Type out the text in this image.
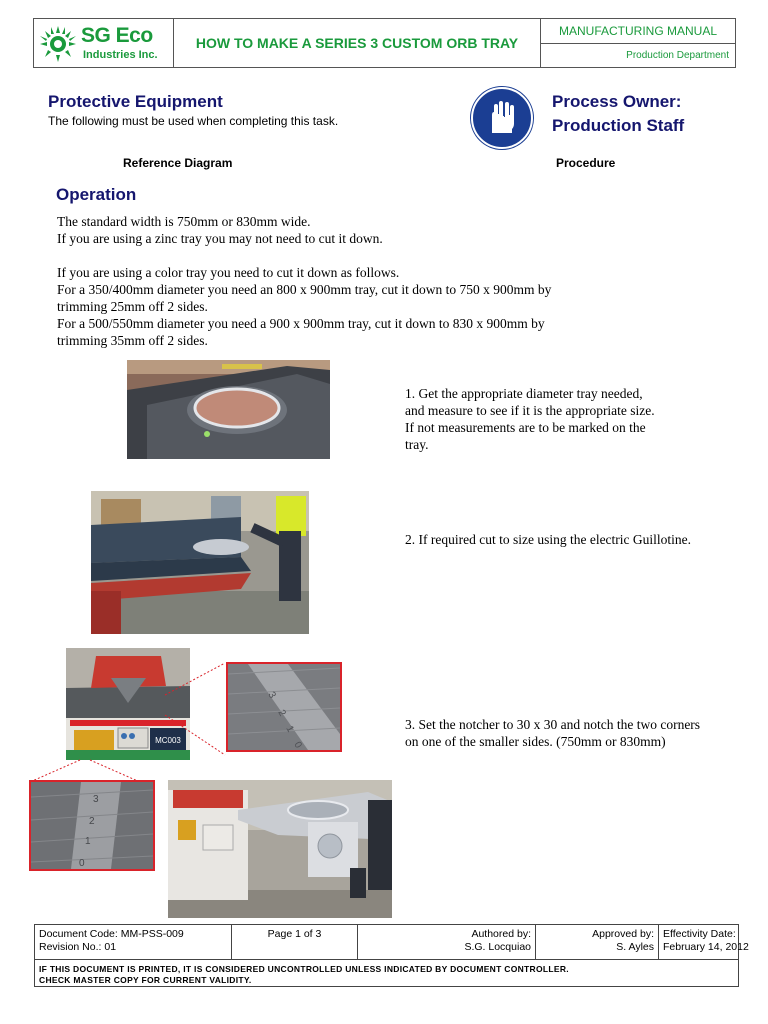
SG Eco
Industries Inc.
HOW TO MAKE A SERIES 3 CUSTOM ORB TRAY
MANUFACTURING MANUAL
Production Department
Protective Equipment
The following must be used when completing this task.
Process Owner:
Production Staff
Reference Diagram	Procedure
Operation
The standard width is 750mm or 830mm wide.
If you are using a zinc tray you may not need to cut it down.
If you are using a color tray you need to cut it down as follows.
For a 350/400mm diameter you need an 800 x 900mm tray, cut it down to 750 x 900mm by
trimming 25mm off 2 sides.
For a 500/550mm diameter you need a 900 x 900mm tray, cut it down to 830 x 900mm by
trimming 35mm off 2 sides.
MC003
3
2
1
0
3
2
1
0
1. Get the appropriate diameter tray needed,
and measure to see if it is the appropriate size.
If not measurements are to be marked on the
tray.
2. If required cut to size using the electric Guillotine.
3. Set the notcher to 30 x 30 and notch the two corners
on one of the smaller sides. (750mm or 830mm)
Document Code: MM-PSS-009
Revision No.: 01
Page 1 of 3	Authored by:
S.G. Locquiao
Approved by:
S. Ayles
Effectivity Date:
February 14, 2012
IF THIS DOCUMENT IS PRINTED, IT IS CONSIDERED UNCONTROLLED UNLESS INDICATED BY DOCUMENT CONTROLLER.
CHECK MASTER COPY FOR CURRENT VALIDITY.
